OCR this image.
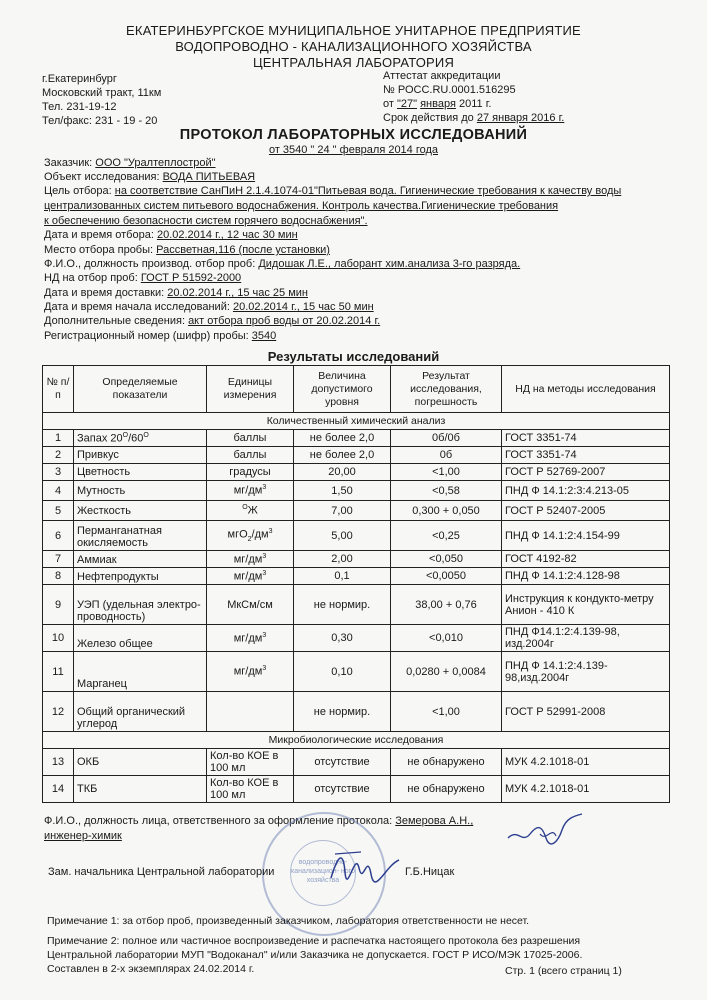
ЕКАТЕРИНБУРГСКОЕ МУНИЦИПАЛЬНОЕ УНИТАРНОЕ ПРЕДПРИЯТИЕ
ВОДОПРОВОДНО - КАНАЛИЗАЦИОННОГО ХОЗЯЙСТВА
ЦЕНТРАЛЬНАЯ ЛАБОРАТОРИЯ
г.Екатеринбург
Московский тракт, 11км
Тел. 231-19-12
Тел/факс: 231 - 19 - 20
Аттестат аккредитации
№ РОСС.RU.0001.516295
от "27" января 2011 г.
Срок действия до 27 января 2016 г.
ПРОТОКОЛ ЛАБОРАТОРНЫХ ИССЛЕДОВАНИЙ
от 3540 " 24 " февраля 2014 года
Заказчик: ООО "Уралтеплострой"
Объект исследования: ВОДА ПИТЬЕВАЯ
Цель отбора: на соответствие СанПиН 2.1.4.1074-01"Питьевая вода. Гигиенические требования к качеству воды
централизованных систем питьевого водоснабжения. Контроль качества.Гигиенические требования
к обеспечению безопасности систем горячего водоснабжения".
Дата и время отбора: 20.02.2014 г., 12 час 30 мин
Место отбора пробы: Рассветная,116 (после установки)
Ф.И.О., должность производ. отбор проб: Дидошак Л.Е., лаборант хим.анализа 3-го разряда.
НД на отбор проб: ГОСТ Р 51592-2000
Дата и время доставки: 20.02.2014 г., 15 час 25 мин
Дата и время начала исследований: 20.02.2014 г., 15 час 50 мин
Дополнительные сведения: акт отбора проб воды от 20.02.2014 г.
Регистрационный номер (шифр) пробы: 3540
Результаты исследований
№ п/п	Определяемые показатели	Единицы измерения	Величина допустимого уровня	Результат исследования, погрешность	НД на методы исследования
Количественный химический анализ					
1	Запах $20^O/60^O$	баллы	не более 2,0	0б/0б	ГОСТ 3351-74
2	Привкус	баллы	не более 2,0	0б	ГОСТ 3351-74
3	Цветность	градусы	20,00	<1,00	ГОСТ Р 52769-2007
4	Мутность	$мг/дм^3$	1,50	<0,58	ПНД Ф 14.1:2:3:4.213-05
5	Жесткость	$^О$Ж	7,00	0,300 + 0,050	ГОСТ Р 52407-2005
6	Перманганатная окисляемость	$мгО_2/дм^3$	5,00	<0,25	ПНД Ф 14.1:2:4.154-99
7	Аммиак	$мг/дм^3$	2,00	<0,050	ГОСТ 4192-82
8	Нефтепродукты	$мг/дм^3$	0,1	<0,0050	ПНД Ф 14.1:2:4.128-98
9	УЭП (удельная электро- проводность)	МкСм/см	не нормир.	38,00 + 0,76	Инструкция к кондукто-метру Анион - 410 К
10	Железо общее	$мг/дм^3$	0,30	<0,010	ПНД Ф14.1:2:4.139-98, изд.2004г
11	Марганец	$мг/дм^3$	0,10	0,0280 + 0,0084	ПНД Ф 14.1:2:4.139- 98,изд.2004г
12	Общий органический углерод		не нормир.	<1,00	ГОСТ Р 52991-2008
Микробиологические исследования					
13	ОКБ	Кол-во КОЕ в 100 мл	отсутствие	не обнаружено	МУК 4.2.1018-01
14	ТКБ	Кол-во КОЕ в 100 мл	отсутствие	не обнаружено	МУК 4.2.1018-01
Ф.И.О., должность лица, ответственного за оформление протокола: Земерова А.Н.,
инженер-химик
водопроводно- канализацион- ного хозяйства
Зам. начальника Центральной лаборатории	Г.Б.Ницак
Примечание 1: за отбор проб, произведенный заказчиком, лаборатория ответственности не несет.
Примечание 2: полное или частичное воспроизведение и распечатка настоящего протокола без разрешения
Центральной лаборатории МУП "Водоканал" и/или Заказчика не допускается. ГОСТ Р ИСО/МЭК 17025-2006.
Составлен в 2-х экземплярах 24.02.2014 г.	Стр. 1 (всего страниц 1)
